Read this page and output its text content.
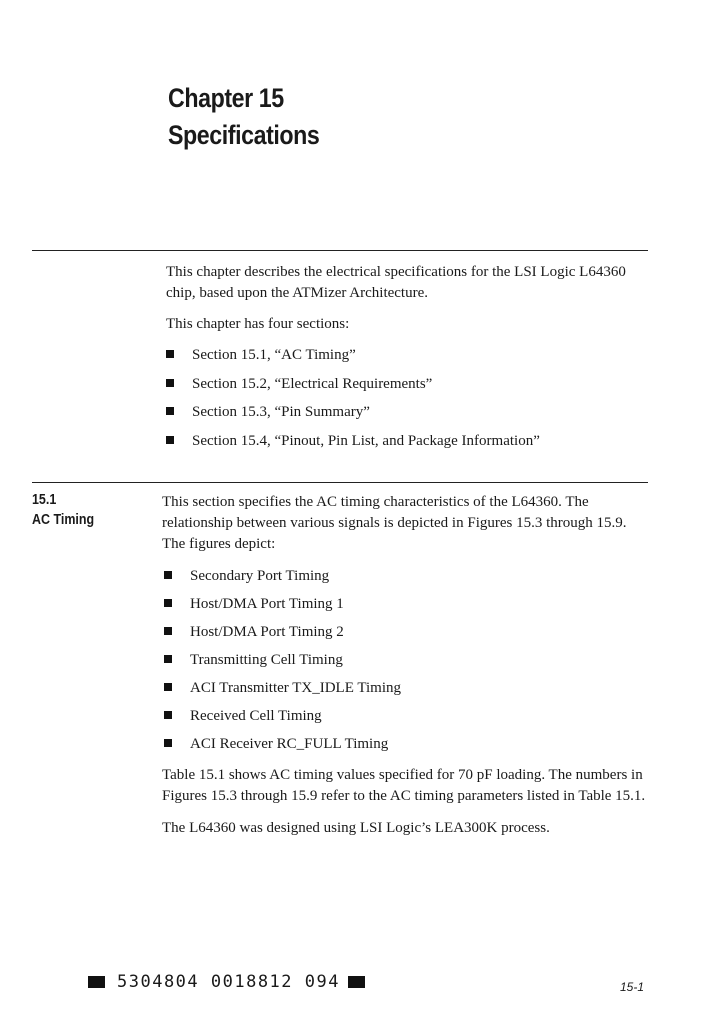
Chapter 15
Specifications

This chapter describes the electrical specifications for the LSI Logic L64360 chip, based upon the ATMizer Architecture.

This chapter has four sections:

Section 15.1, “AC Timing”
Section 15.2, “Electrical Requirements”
Section 15.3, “Pin Summary”
Section 15.4, “Pinout, Pin List, and Package Information”
15.1
AC Timing

This section specifies the AC timing characteristics of the L64360. The relationship between various signals is depicted in Figures 15.3 through 15.9. The figures depict:

Secondary Port Timing
Host/DMA Port Timing 1
Host/DMA Port Timing 2
Transmitting Cell Timing
ACI Transmitter TX_IDLE Timing
Received Cell Timing
ACI Receiver RC_FULL Timing

Table 15.1 shows AC timing values specified for 70 pF loading. The numbers in Figures 15.3 through 15.9 refer to the AC timing parameters listed in Table 15.1.

The L64360 was designed using LSI Logic’s LEA300K process.

5304804 0018812 094	15-1
